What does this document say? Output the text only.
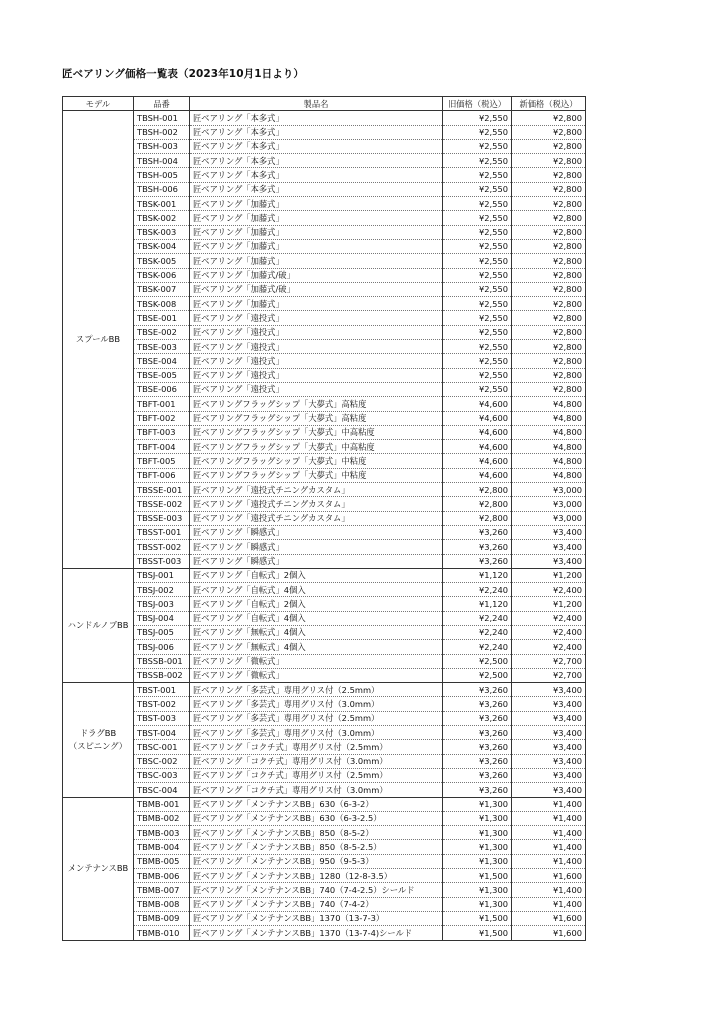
匠ベアリング価格一覧表（2023年10月1日より）
モデル	品番	製品名	旧価格（税込）	新価格（税込）
スプールBB	TBSH-001	匠ベアリング「本多式」	¥2,550	¥2,800
	TBSH-002	匠ベアリング「本多式」	¥2,550	¥2,800
	TBSH-003	匠ベアリング「本多式」	¥2,550	¥2,800
	TBSH-004	匠ベアリング「本多式」	¥2,550	¥2,800
	TBSH-005	匠ベアリング「本多式」	¥2,550	¥2,800
	TBSH-006	匠ベアリング「本多式」	¥2,550	¥2,800
	TBSK-001	匠ベアリング「加藤式」	¥2,550	¥2,800
	TBSK-002	匠ベアリング「加藤式」	¥2,550	¥2,800
	TBSK-003	匠ベアリング「加藤式」	¥2,550	¥2,800
	TBSK-004	匠ベアリング「加藤式」	¥2,550	¥2,800
	TBSK-005	匠ベアリング「加藤式」	¥2,550	¥2,800
	TBSK-006	匠ベアリング「加藤式/破」	¥2,550	¥2,800
	TBSK-007	匠ベアリング「加藤式/破」	¥2,550	¥2,800
	TBSK-008	匠ベアリング「加藤式」	¥2,550	¥2,800
	TBSE-001	匠ベアリング「遠投式」	¥2,550	¥2,800
	TBSE-002	匠ベアリング「遠投式」	¥2,550	¥2,800
	TBSE-003	匠ベアリング「遠投式」	¥2,550	¥2,800
	TBSE-004	匠ベアリング「遠投式」	¥2,550	¥2,800
	TBSE-005	匠ベアリング「遠投式」	¥2,550	¥2,800
	TBSE-006	匠ベアリング「遠投式」	¥2,550	¥2,800
	TBFT-001	匠ベアリングフラッグシップ「大夢式」高粘度	¥4,600	¥4,800
	TBFT-002	匠ベアリングフラッグシップ「大夢式」高粘度	¥4,600	¥4,800
	TBFT-003	匠ベアリングフラッグシップ「大夢式」中高粘度	¥4,600	¥4,800
	TBFT-004	匠ベアリングフラッグシップ「大夢式」中高粘度	¥4,600	¥4,800
	TBFT-005	匠ベアリングフラッグシップ「大夢式」中粘度	¥4,600	¥4,800
	TBFT-006	匠ベアリングフラッグシップ「大夢式」中粘度	¥4,600	¥4,800
	TBSSE-001	匠ベアリング「遠投式チニングカスタム」	¥2,800	¥3,000
	TBSSE-002	匠ベアリング「遠投式チニングカスタム」	¥2,800	¥3,000
	TBSSE-003	匠ベアリング「遠投式チニングカスタム」	¥2,800	¥3,000
	TBSST-001	匠ベアリング「瞬感式」	¥3,260	¥3,400
	TBSST-002	匠ベアリング「瞬感式」	¥3,260	¥3,400
	TBSST-003	匠ベアリング「瞬感式」	¥3,260	¥3,400
ハンドルノブBB	TBSJ-001	匠ベアリング「自転式」2個入	¥1,120	¥1,200
	TBSJ-002	匠ベアリング「自転式」4個入	¥2,240	¥2,400
	TBSJ-003	匠ベアリング「自転式」2個入	¥1,120	¥1,200
	TBSJ-004	匠ベアリング「自転式」4個入	¥2,240	¥2,400
	TBSJ-005	匠ベアリング「無転式」4個入	¥2,240	¥2,400
	TBSJ-006	匠ベアリング「無転式」4個入	¥2,240	¥2,400
	TBSSB-001	匠ベアリング「微転式」	¥2,500	¥2,700
	TBSSB-002	匠ベアリング「微転式」	¥2,500	¥2,700

ドラグBB
（スピニング）	TBST-001	匠ベアリング「多芸式」専用グリス付（2.5mm）	¥3,260	¥3,400
	TBST-002	匠ベアリング「多芸式」専用グリス付（3.0mm）	¥3,260	¥3,400
	TBST-003	匠ベアリング「多芸式」専用グリス付（2.5mm）	¥3,260	¥3,400
	TBST-004	匠ベアリング「多芸式」専用グリス付（3.0mm）	¥3,260	¥3,400
	TBSC-001	匠ベアリング「コクチ式」専用グリス付（2.5mm）	¥3,260	¥3,400
	TBSC-002	匠ベアリング「コクチ式」専用グリス付（3.0mm）	¥3,260	¥3,400
	TBSC-003	匠ベアリング「コクチ式」専用グリス付（2.5mm）	¥3,260	¥3,400
	TBSC-004	匠ベアリング「コクチ式」専用グリス付（3.0mm）	¥3,260	¥3,400
メンテナンスBB	TBMB-001	匠ベアリング「メンテナンスBB」630（6-3-2）	¥1,300	¥1,400
	TBMB-002	匠ベアリング「メンテナンスBB」630（6-3-2.5）	¥1,300	¥1,400
	TBMB-003	匠ベアリング「メンテナンスBB」850（8-5-2）	¥1,300	¥1,400
	TBMB-004	匠ベアリング「メンテナンスBB」850（8-5-2.5）	¥1,300	¥1,400
	TBMB-005	匠ベアリング「メンテナンスBB」950（9-5-3）	¥1,300	¥1,400
	TBMB-006	匠ベアリング「メンテナンスBB」1280（12-8-3.5）	¥1,500	¥1,600
	TBMB-007	匠ベアリング「メンテナンスBB」740（7-4-2.5）シールド	¥1,300	¥1,400
	TBMB-008	匠ベアリング「メンテナンスBB」740（7-4-2）	¥1,300	¥1,400
	TBMB-009	匠ベアリング「メンテナンスBB」1370（13-7-3）	¥1,500	¥1,600
	TBMB-010	匠ベアリング「メンテナンスBB」1370（13-7-4)シールド	¥1,500	¥1,600
